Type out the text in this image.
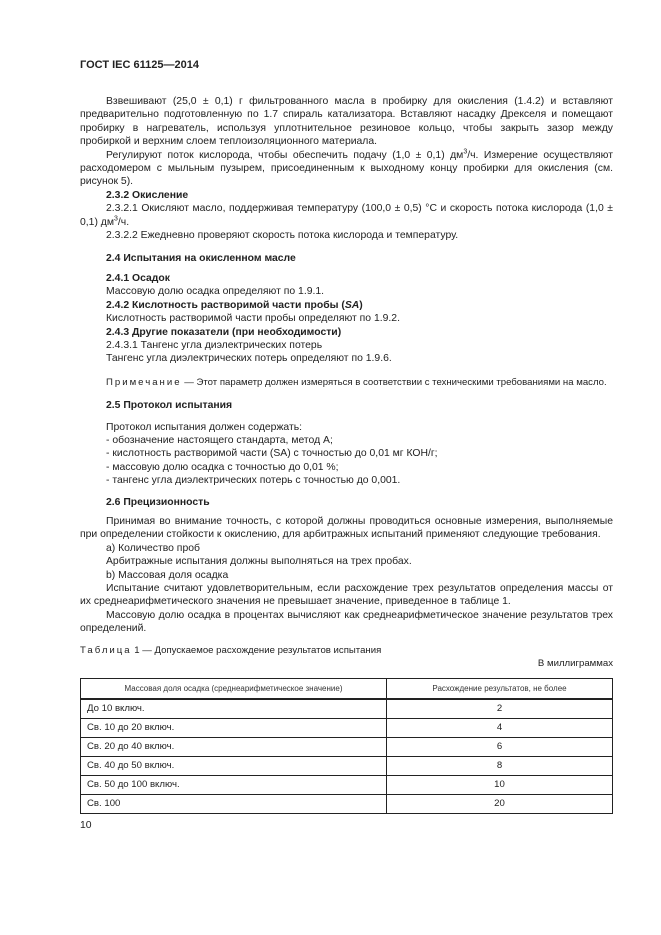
ГОСТ IEC 61125—2014
Взвешивают (25,0 ± 0,1) г фильтрованного масла в пробирку для окисления (1.4.2) и вставляют предварительно подготовленную по 1.7 спираль катализатора. Вставляют насадку Дрекселя и помещают пробирку в нагреватель, используя уплотнительное резиновое кольцо, чтобы закрыть зазор между пробиркой и верхним слоем теплоизоляционного материала.
Регулируют поток кислорода, чтобы обеспечить подачу (1,0 ± 0,1) $дм^3/ч$. Измерение осуществляют расходомером с мыльным пузырем, присоединенным к выходному концу пробирки для окисления (см. рисунок 5).
2.3.2 Окисление
2.3.2.1 Окисляют масло, поддерживая температуру (100,0 ± 0,5) °C и скорость потока кислорода (1,0 ± 0,1) $дм^3/ч$.
2.3.2.2 Ежедневно проверяют скорость потока кислорода и температуру.
2.4 Испытания на окисленном масле
2.4.1 Осадок
Массовую долю осадка определяют по 1.9.1.
2.4.2 Кислотность растворимой части пробы (SA)
Кислотность растворимой части пробы определяют по 1.9.2.
2.4.3 Другие показатели (при необходимости)
2.4.3.1 Тангенс угла диэлектрических потерь
Тангенс угла диэлектрических потерь определяют по 1.9.6.
Примечание — Этот параметр должен измеряться в соответствии с техническими требованиями на масло.
2.5 Протокол испытания
Протокол испытания должен содержать:
- обозначение настоящего стандарта, метод А;
- кислотность растворимой части (SA) с точностью до 0,01 мг КОН/г;
- массовую долю осадка с точностью до 0,01 %;
- тангенс угла диэлектрических потерь с точностью до 0,001.
2.6 Прецизионность
Принимая во внимание точность, с которой должны проводиться основные измерения, выполняемые при определении стойкости к окислению, для арбитражных испытаний применяют следующие требования.
a) Количество проб
Арбитражные испытания должны выполняться на трех пробах.
b) Массовая доля осадка
Испытание считают удовлетворительным, если расхождение трех результатов определения массы от их среднеарифметического значения не превышает значение, приведенное в таблице 1.
Массовую долю осадка в процентах вычисляют как среднеарифметическое значение результатов трех определений.
Таблица 1 — Допускаемое расхождение результатов испытания
В миллиграммах
Массовая доля осадка (среднеарифметическое значение)	Расхождение результатов, не более
До 10 включ.	2
Св. 10 до 20 включ.	4
Св. 20 до 40 включ.	6
Св. 40 до 50 включ.	8
Св. 50 до 100 включ.	10
Св. 100	20
10
